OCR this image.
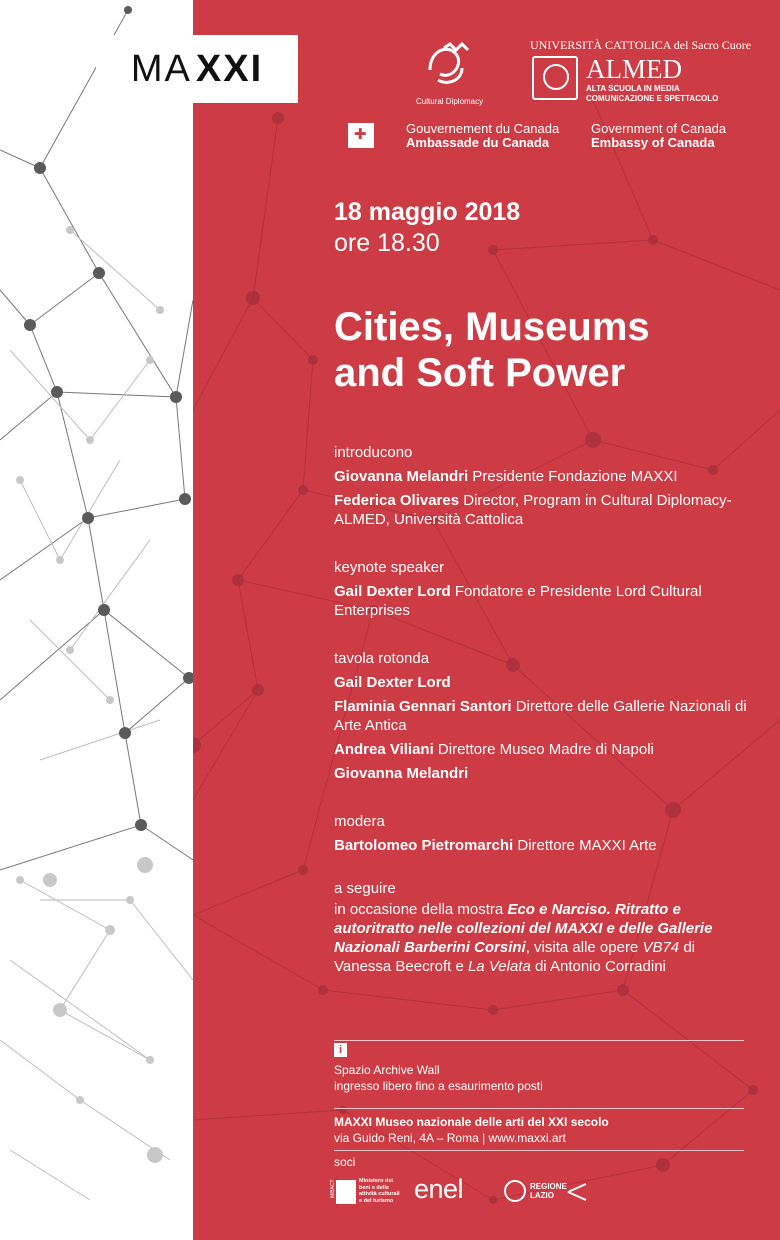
MA XXI
Cultural Diplomacy
UNIVERSITÀ CATTOLICA del Sacro Cuore
ALMED
ALTA SCUOLA IN MEDIA
COMUNICAZIONE E SPETTACOLO
✚	Gouvernement du Canada
Ambassade du Canada
Government of Canada
Embassy of Canada
18 maggio 2018
ore 18.30
Cities, Museums
and Soft Power
introducono
Giovanna Melandri Presidente Fondazione MAXXI
Federica Olivares Director, Program in Cultural Diplomacy- ALMED, Università Cattolica
keynote speaker
Gail Dexter Lord Fondatore e Presidente Lord Cultural Enterprises
tavola rotonda
Gail Dexter Lord
Flaminia Gennari Santori Direttore delle Gallerie Nazionali di Arte Antica
Andrea Viliani Direttore Museo Madre di Napoli
Giovanna Melandri
modera
Bartolomeo Pietromarchi Direttore MAXXI Arte
a seguire
in occasione della mostra Eco e Narciso. Ritratto e autoritratto nelle collezioni del MAXXI e delle Gallerie Nazionali Barberini Corsini, visita alle opere VB74 di Vanessa Beecroft e La Velata di Antonio Corradini
i
Spazio Archive Wall
ingresso libero fino a esaurimento posti
MAXXI Museo nazionale delle arti del XXI secolo
via Guido Reni, 4A – Roma | www.maxxi.art
soci
MiBACT	Ministero dei beni e delle attività culturali e del turismo enel	REGIONE LAZIO
